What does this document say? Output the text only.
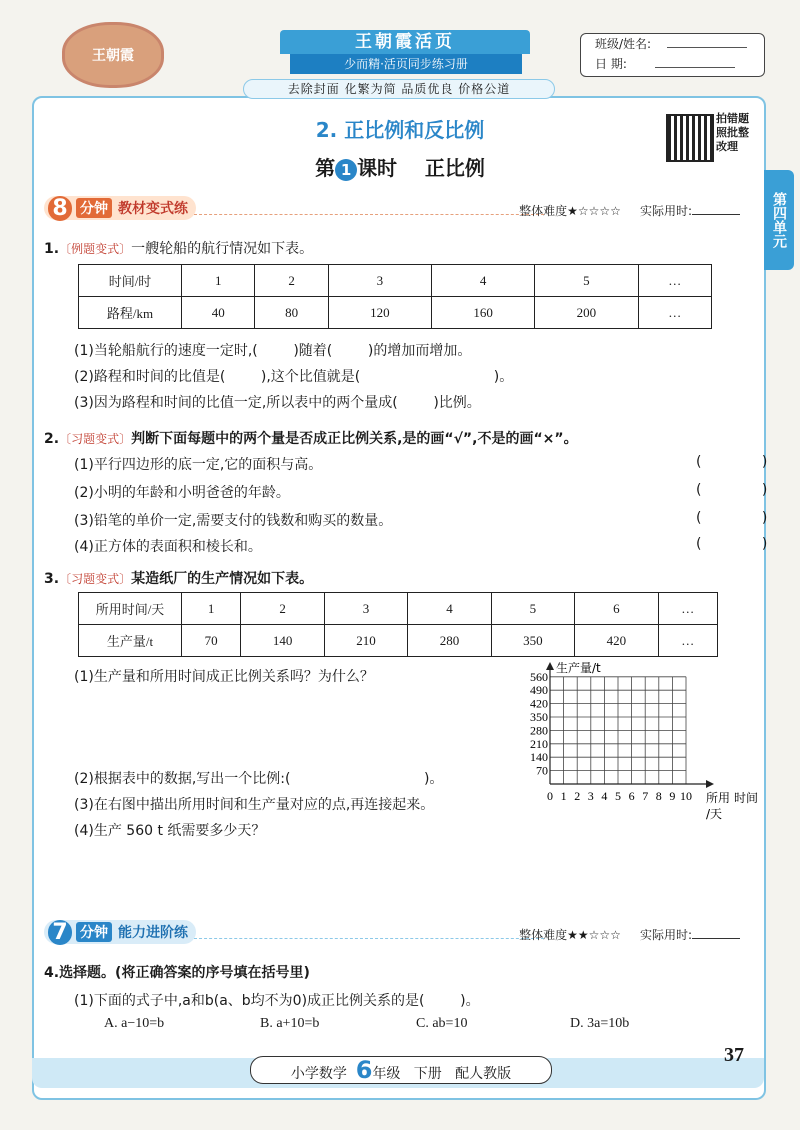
王朝霞
王朝霞活页
少而精·活页同步练习册
去除封面 化繁为简 品质优良 价格公道
班级/姓名:
日 期:
第四单元
2. 正比例和反比例
第 1 课时 正比例
拍错题照批整改理
8 分钟 教材变式练	整体难度★☆☆☆☆ 实际用时:
1.〔例题变式〕一艘轮船的航行情况如下表。
时间/时	1	2	3	4	5	…
路程/km	40	80	120	160	200	…
(1)当轮船航行的速度一定时,(        )随着(        )的增加而增加。
(2)路程和时间的比值是(        ),这个比值就是(                              )。
(3)因为路程和时间的比值一定,所以表中的两个量成(        )比例。
2.〔习题变式〕判断下面每题中的两个量是否成正比例关系,是的画“√”,不是的画“×”。
(1)平行四边形的底一定,它的面积与高。	( )
(2)小明的年龄和小明爸爸的年龄。	( )
(3)铅笔的单价一定,需要支付的钱数和购买的数量。	( )
(4)正方体的表面积和棱长和。	( )
3.〔习题变式〕某造纸厂的生产情况如下表。
所用时间/天	1	2	3	4	5	6	…
生产量/t	70	140	210	280	350	420	…
(1)生产量和所用时间成正比例关系吗？为什么？
(2)根据表中的数据,写出一个比例:(                              )。
(3)在右图中描出所用时间和生产量对应的点,再连接起来。
(4)生产 560 t 纸需要多少天？
70
140
210
280
350
420
490
560
0 1 2 3 4 5 6 7 8 9 10
生产量/t
所用 时间
/天
7 分钟 能力进阶练	整体难度★★☆☆☆ 实际用时:
4.选择题。(将正确答案的序号填在括号里)
(1)下面的式子中,a和b(a、b均不为0)成正比例关系的是(        )。
A. a−10=b	B. a+10=b	C. ab=10	D. 3a=10b
37
小学数学 6年级 下册 配人教版
